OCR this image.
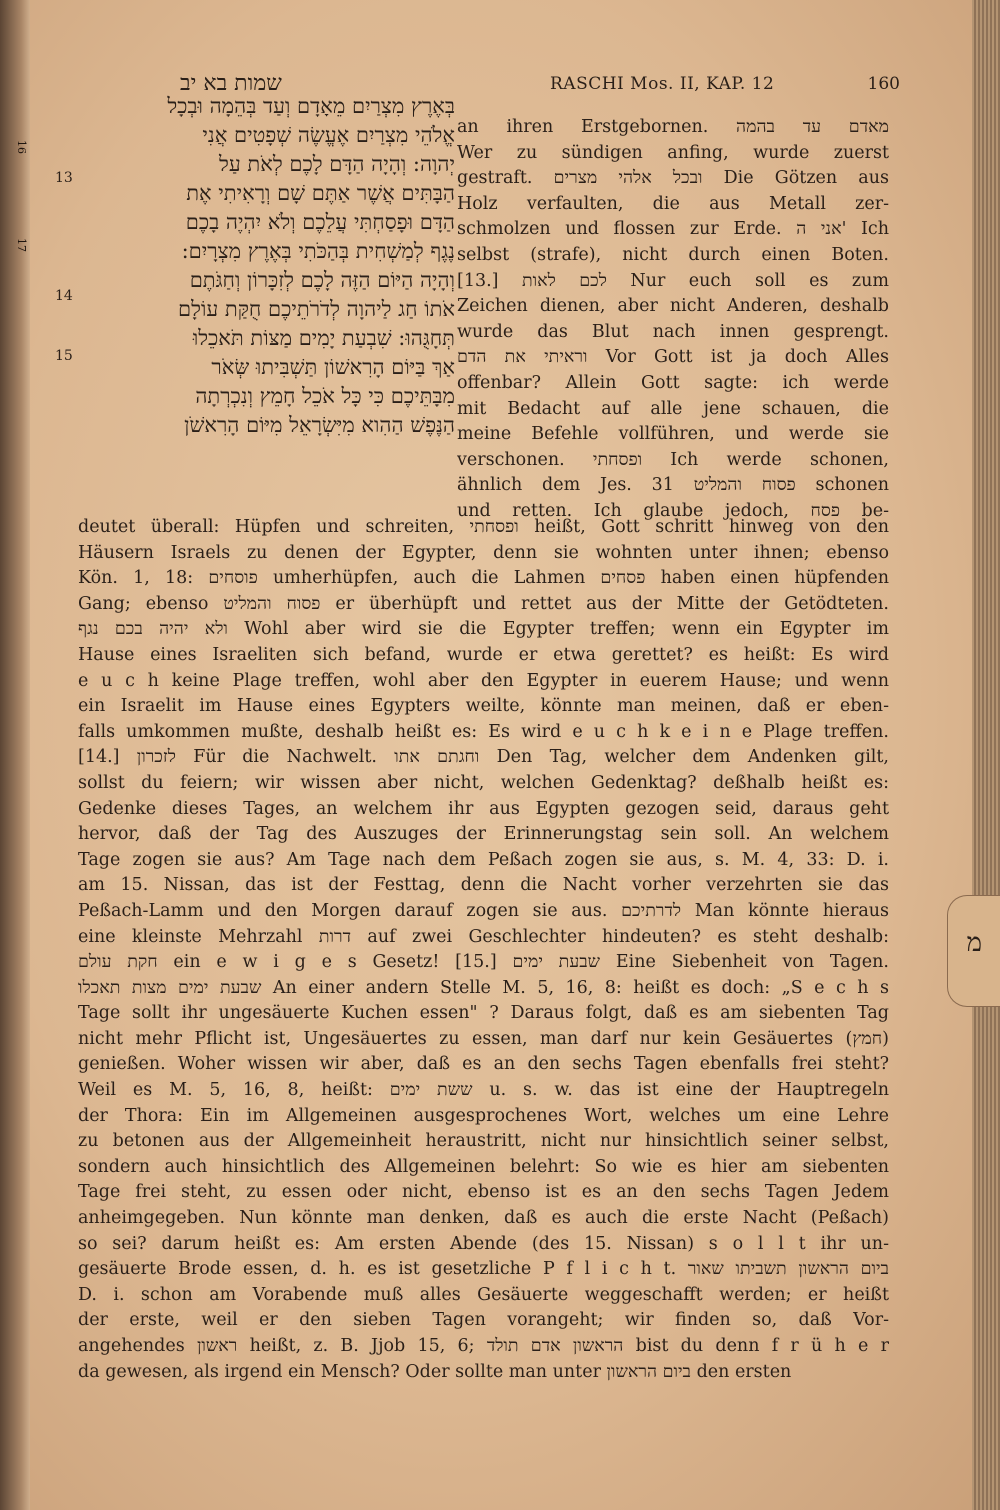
16 17
מ
שמות בא יב	RASCHI Mos. II, KAP. 12	160
13
14
15
בְּאֶרֶץ מִצְרַיִם מֵאָדָם וְעַד בְּהֵמָה וּבְכָל
אֱלֹהֵי מִצְרַיִם אֶעֱשֶׂה שְׁפָטִים אֲנִי
יְהוָה: וְהָיָה הַדָּם לָכֶם לְאֹת עַל
הַבָּתִּים אֲשֶׁר אַתֶּם שָׁם וְרָאִיתִי אֶת
הַדָּם וּפָסַחְתִּי עֲלֵכֶם וְלֹא יִהְיֶה בָכֶם
נֶגֶף לְמַשְׁחִית בְּהַכֹּתִי בְּאֶרֶץ מִצְרָיִם:
וְהָיָה הַיּוֹם הַזֶּה לָכֶם לְזִכָּרוֹן וְחַגֹּתֶם
אֹתוֹ חַג לַיהוָה לְדֹרֹתֵיכֶם חֻקַּת עוֹלָם
תְּחָגֻּהוּ: שִׁבְעַת יָמִים מַצּוֹת תֹּאכֵלוּ
אַךְ בַּיּוֹם הָרִאשׁוֹן תַּשְׁבִּיתוּ שְּׂאֹר
מִבָּתֵּיכֶם כִּי כָּל אֹכֵל חָמֵץ וְנִכְרְתָה
הַנֶּפֶשׁ הַהִוא מִיִּשְׂרָאֵל מִיּוֹם הָרִאשֹׁן
an ihren Erstgebornen. מאדם עד בהמה
Wer zu sündigen anfing, wurde zuerst
gestraft. ובכל אלהי מצרים Die Götzen aus
Holz verfaulten, die aus Metall zer-
schmolzen und flossen zur Erde. אני ה' Ich
selbst (strafe), nicht durch einen Boten.
[13.] לכם לאות Nur euch soll es zum
Zeichen dienen, aber nicht Anderen, deshalb
wurde das Blut nach innen gesprengt.
וראיתי את הדם Vor Gott ist ja doch Alles
offenbar? Allein Gott sagte: ich werde
mit Bedacht auf alle jene schauen, die
meine Befehle vollführen, und werde sie
verschonen. ופסחתי Ich werde schonen,
ähnlich dem Jes. 31 פסוח והמליט schonen
und retten. Ich glaube jedoch, פסח be-
deutet überall: Hüpfen und schreiten, ופסחתי heißt, Gott schritt hinweg von den
Häusern Israels zu denen der Egypter, denn sie wohnten unter ihnen; ebenso
Kön. 1, 18: פוסחים umherhüpfen, auch die Lahmen פסחים haben einen hüpfenden
Gang; ebenso פסוח והמליט er überhüpft und rettet aus der Mitte der Getödteten.
ולא יהיה בכם נגף Wohl aber wird sie die Egypter treffen; wenn ein Egypter im
Hause eines Israeliten sich befand, wurde er etwa gerettet? es heißt: Es wird
e u c h keine Plage treffen, wohl aber den Egypter in euerem Hause; und wenn
ein Israelit im Hause eines Egypters weilte, könnte man meinen, daß er eben-
falls umkommen mußte, deshalb heißt es: Es wird e u c h k e i n e Plage treffen.
[14.] לזכרון Für die Nachwelt. וחגתם אתו Den Tag, welcher dem Andenken gilt,
sollst du feiern; wir wissen aber nicht, welchen Gedenktag? deßhalb heißt es:
Gedenke dieses Tages, an welchem ihr aus Egypten gezogen seid, daraus geht
hervor, daß der Tag des Auszuges der Erinnerungstag sein soll. An welchem
Tage zogen sie aus? Am Tage nach dem Peßach zogen sie aus, s. M. 4, 33: D. i.
am 15. Nissan, das ist der Festtag, denn die Nacht vorher verzehrten sie das
Peßach-Lamm und den Morgen darauf zogen sie aus. לדרתיכם Man könnte hieraus
eine kleinste Mehrzahl דרות auf zwei Geschlechter hindeuten? es steht deshalb:
חקת עולם ein e w i g e s Gesetz! [15.] שבעת ימים Eine Siebenheit von Tagen.
שבעת ימים מצות תאכלו An einer andern Stelle M. 5, 16, 8: heißt es doch: „S e c h s
Tage sollt ihr ungesäuerte Kuchen essen" ? Daraus folgt, daß es am siebenten Tag
nicht mehr Pflicht ist, Ungesäuertes zu essen, man darf nur kein Gesäuertes (חמץ)
genießen. Woher wissen wir aber, daß es an den sechs Tagen ebenfalls frei steht?
Weil es M. 5, 16, 8, heißt: ששת ימים u. s. w. das ist eine der Hauptregeln
der Thora: Ein im Allgemeinen ausgesprochenes Wort, welches um eine Lehre
zu betonen aus der Allgemeinheit heraustritt, nicht nur hinsichtlich seiner selbst,
sondern auch hinsichtlich des Allgemeinen belehrt: So wie es hier am siebenten
Tage frei steht, zu essen oder nicht, ebenso ist es an den sechs Tagen Jedem
anheimgegeben. Nun könnte man denken, daß es auch die erste Nacht (Peßach)
so sei? darum heißt es: Am ersten Abende (des 15. Nissan) s o l l t ihr un-
gesäuerte Brode essen, d. h. es ist gesetzliche P f l i c h t. ביום הראשון תשביתו שאור
D. i. schon am Vorabende muß alles Gesäuerte weggeschafft werden; er heißt
der erste, weil er den sieben Tagen vorangeht; wir finden so, daß Vor-
angehendes ראשון heißt, z. B. Jjob 15, 6; הראשון אדם תולד bist du denn f r ü h e r
da gewesen, als irgend ein Mensch? Oder sollte man unter ביום הראשון den ersten
